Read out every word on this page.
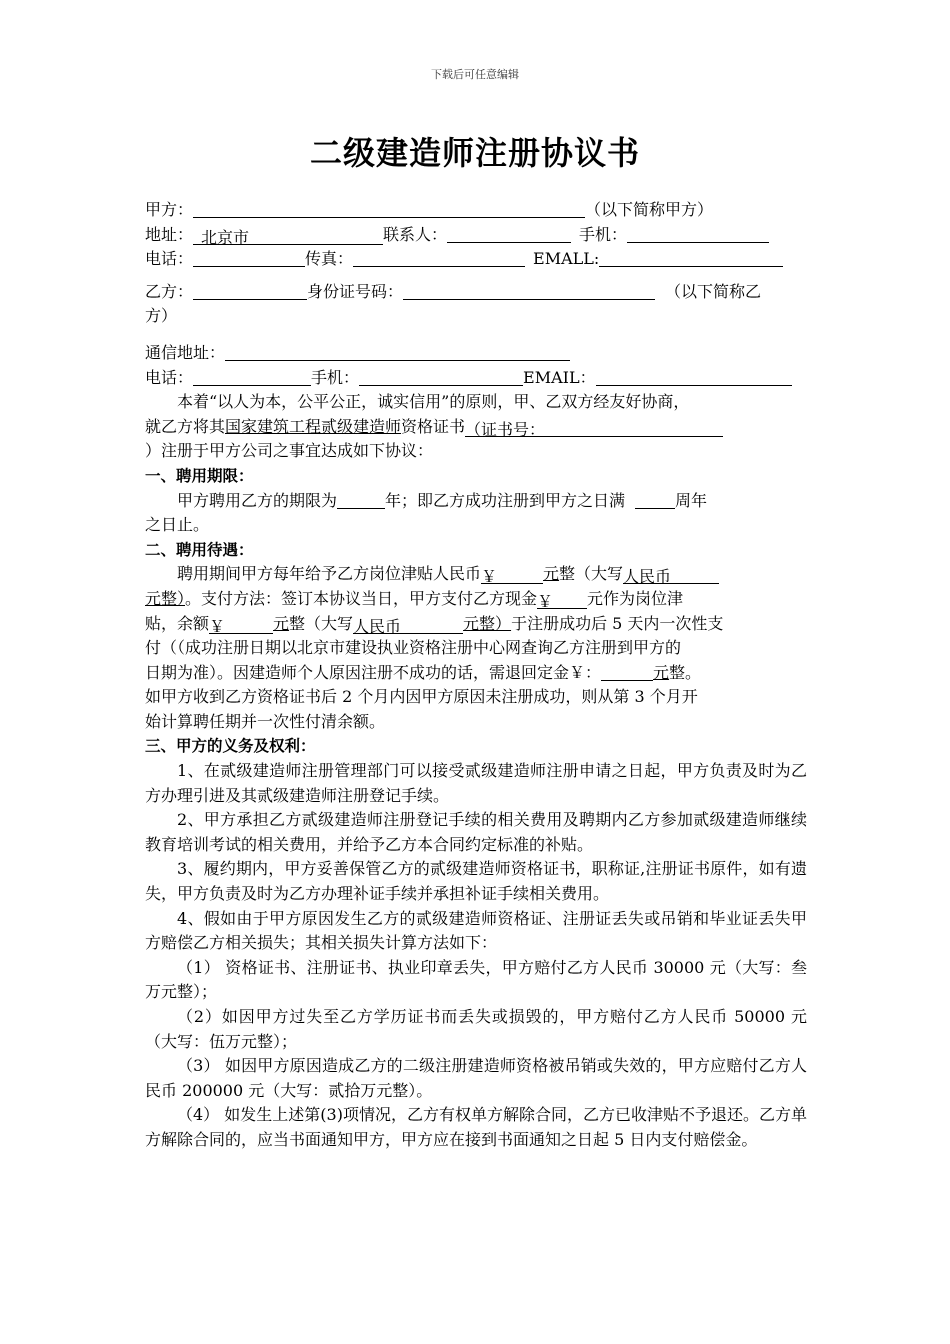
下载后可任意编辑
二级建造师注册协议书
甲方：	（以下简称甲方）
地址： 北京市	联系人：	手机：
电话：	传真：	EMALL:
乙方：	身份证号码：	（以下简称乙
方）
通信地址：
电话：	手机：	EMAIL：
本着“以人为本，公平公正，诚实信用”的原则，甲、乙双方经友好协商，
就乙方将其国家建筑工程贰级建造师资格证书（证书号：
）注册于甲方公司之事宜达成如下协议：
一、聘用期限：
甲方聘用乙方的期限为	年；即乙方成功注册到甲方之日满	周年
之日止。
二、聘用待遇：
聘用期间甲方每年给予乙方岗位津贴人民币￥	元整（大写人民币
元整）。支付方法：签订本协议当日，甲方支付乙方现金￥ 元作为岗位津
贴，余额￥	元整（大写人民币	元整）于注册成功后 5 天内一次性支
付（（成功注册日期以北京市建设执业资格注册中心网查询乙方注册到甲方的
日期为准）。因建造师个人原因注册不成功的话，需退回定金￥：	元整。
如甲方收到乙方资格证书后 2 个月内因甲方原因未注册成功，则从第 3 个月开
始计算聘任期并一次性付清余额。
三、甲方的义务及权利：
1、在贰级建造师注册管理部门可以接受贰级建造师注册申请之日起，甲方负责及时为乙方办理引进及其贰级建造师注册登记手续。
2、甲方承担乙方贰级建造师注册登记手续的相关费用及聘期内乙方参加贰级建造师继续教育培训考试的相关费用，并给予乙方本合同约定标准的补贴。
3、履约期内，甲方妥善保管乙方的贰级建造师资格证书，职称证,注册证书原件，如有遗失，甲方负责及时为乙方办理补证手续并承担补证手续相关费用。
4、假如由于甲方原因发生乙方的贰级建造师资格证、注册证丢失或吊销和毕业证丢失甲方赔偿乙方相关损失；其相关损失计算方法如下：
（1） 资格证书、注册证书、执业印章丢失，甲方赔付乙方人民币 30000 元（大写：叁万元整）；
（2）如因甲方过失至乙方学历证书而丢失或损毁的，甲方赔付乙方人民币 50000 元（大写：伍万元整）；
（3） 如因甲方原因造成乙方的二级注册建造师资格被吊销或失效的，甲方应赔付乙方人民币 200000 元（大写：贰拾万元整）。
（4） 如发生上述第(3)项情况，乙方有权单方解除合同，乙方已收津贴不予退还。乙方单方解除合同的，应当书面通知甲方，甲方应在接到书面通知之日起 5 日内支付赔偿金。
